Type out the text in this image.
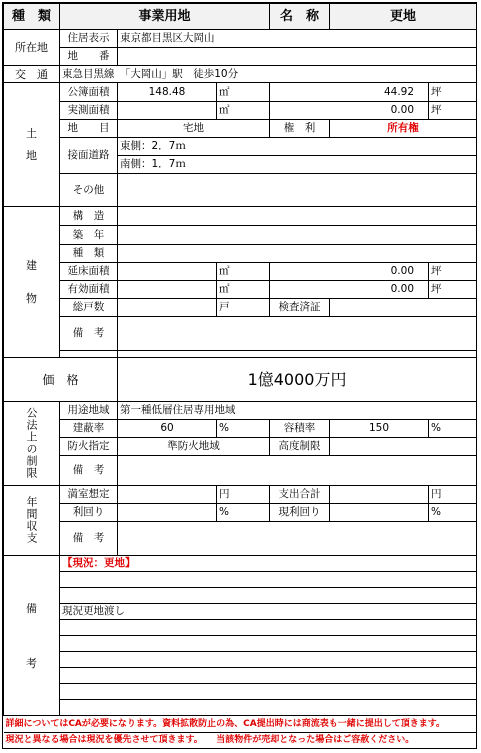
種　類	事業用地			名　称	更地	
所在地	住居表示	東京都目黒区大岡山				
	地　　番					
交　通	東急目黒線　「大岡山」駅　徒歩10分					
土

地	公簿面積	148.48	㎡	44.92		坪
	実測面積		㎡	0.00		坪
	地　　目	宅地		権　利	所有権	
	接面道路	東側：2．7ｍ				
		南側：1．7ｍ				
	その他					
建

物	構　造					
	築　年					
	種　類					
	延床面積		㎡	0.00		坪
	有効面積		㎡	0.00		坪
	総戸数		戸	検査済証		
	備　考					

価　格		1億4000万円				
公法上の制限	用途地域	第一種低層住居専用地域				
	建蔽率	60	%	容積率	150	%
	防火指定	準防火地域		高度制限		
	備　考					
年間収支	満室想定		円	支出合計		円
	利回り		%	現利回り		%
	備　考					
備

考	【現況：更地】					

	現況更地渡し					

詳細についてはCAが必要になります。資料拡散防止の為、CA提出時には商流表も一緒に提出して頂きます。						
現況と異なる場合は現況を優先させて頂きます。　　当該物件が売却となった場合はご容赦ください。						
